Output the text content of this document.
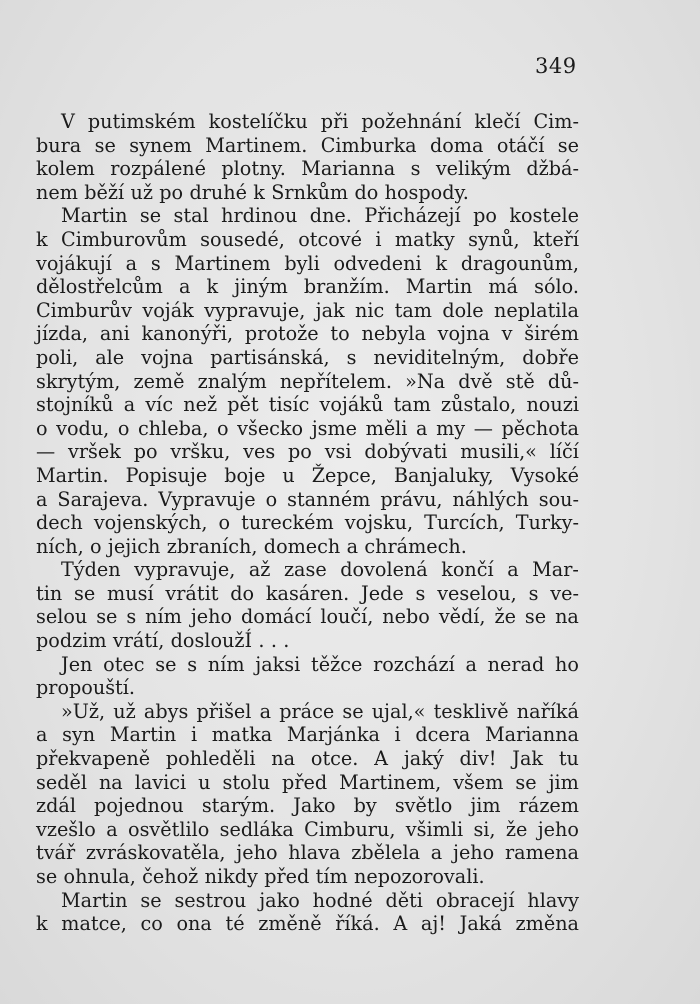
349
V putimském kostelíčku při požehnání klečí Cim-
bura se synem Martinem. Cimburka doma otáčí se
kolem rozpálené plotny. Marianna s velikým džbá-
nem běží už po druhé k Srnkům do hospody.
Martin se stal hrdinou dne. Přicházejí po kostele
k Cimburovům sousedé, otcové i matky synů, kteří
vojákují a s Martinem byli odvedeni k dragounům,
dělostřelcům a k jiným branžím. Martin má sólo.
Cimburův voják vypravuje, jak nic tam dole neplatila
jízda, ani kanonýři, protože to nebyla vojna v širém
poli, ale vojna partisánská, s neviditelným, dobře
skrytým, země znalým nepřítelem. »Na dvě stě dů-
stojníků a víc než pět tisíc vojáků tam zůstalo, nouzi
o vodu, o chleba, o všecko jsme měli a my — pěchota
— vršek po vršku, ves po vsi dobývati musili,« líčí
Martin. Popisuje boje u Žepce, Banjaluky, Vysoké
a Sarajeva. Vypravuje o stanném právu, náhlých sou-
dech vojenských, o tureckém vojsku, Turcích, Turky-
ních, o jejich zbraních, domech a chrámech.
Týden vypravuje, až zase dovolená končí a Mar-
tin se musí vrátit do kasáren. Jede s veselou, s ve-
selou se s ním jeho domácí loučí, nebo vědí, že se na
podzim vrátí, dosloužÍ . . .
Jen otec se s ním jaksi těžce rozchází a nerad ho
propouští.
»Už, už abys přišel a práce se ujal,« tesklivě naříká
a syn Martin i matka Marjánka i dcera Marianna
překvapeně pohleděli na otce. A jaký div! Jak tu
seděl na lavici u stolu před Martinem, všem se jim
zdál pojednou starým. Jako by světlo jim rázem
vzešlo a osvětlilo sedláka Cimburu, všimli si, že jeho
tvář zvráskovatěla, jeho hlava zbělela a jeho ramena
se ohnula, čehož nikdy před tím nepozorovali.
Martin se sestrou jako hodné děti obracejí hlavy
k matce, co ona té změně říká. A aj! Jaká změna
